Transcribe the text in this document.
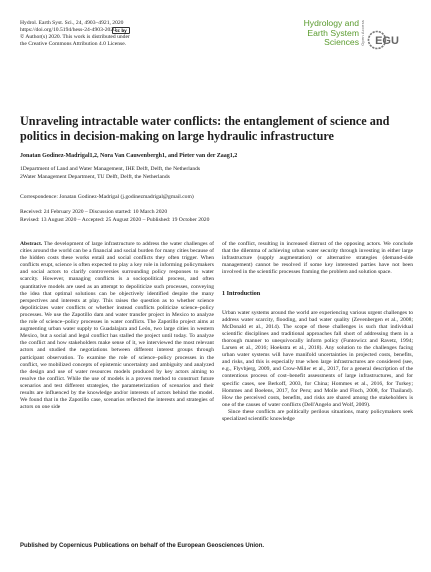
Hydrol. Earth Syst. Sci., 24, 4903–4921, 2020
https://doi.org/10.5194/hess-24-4903-2020
© Author(s) 2020. This work is distributed under
the Creative Commons Attribution 4.0 License.
cc by
Hydrology and
Earth System
Sciences Open Access EGU
Unraveling intractable water conflicts: the entanglement of science and politics in decision-making on large hydraulic infrastructure
Jonatan Godinez-Madrigal1,2, Nora Van Cauwenbergh1, and Pieter van der Zaag1,2
1Department of Land and Water Management, IHE Delft, Delft, the Netherlands
2Water Management Department, TU Delft, Delft, the Netherlands
Correspondence: Jonatan Godinez-Madrigal (j.godinezmadrigal@gmail.com)
Received: 24 February 2020 – Discussion started: 10 March 2020
Revised: 13 August 2020 – Accepted: 25 August 2020 – Published: 19 October 2020

Abstract. The development of large infrastructure to address the water challenges of cities around the world can be a financial and social burden for many cities because of the hidden costs these works entail and social conflicts they often trigger. When conflicts erupt, science is often expected to play a key role in informing policymakers and social actors to clarify controversies surrounding policy responses to water scarcity. However, managing conflicts is a sociopolitical process, and often quantitative models are used as an attempt to depoliticize such processes, conveying the idea that optimal solutions can be objectively identified despite the many perspectives and interests at play. This raises the question as to whether science depoliticizes water conflicts or whether instead conflicts politicize science–policy processes. We use the Zapotillo dam and water transfer project in Mexico to analyze the role of science–policy processes in water conflicts. The Zapotillo project aims at augmenting urban water supply to Guadalajara and León, two large cities in western Mexico, but a social and legal conflict has stalled the project until today. To analyze the conflict and how stakeholders make sense of it, we interviewed the most relevant actors and studied the negotiations between different interest groups through participant observation. To examine the role of science–policy processes in the conflict, we mobilized concepts of epistemic uncertainty and ambiguity and analyzed the design and use of water resources models produced by key actors aiming to resolve the conflict. While the use of models is a proven method to construct future scenarios and test different strategies, the parameterization of scenarios and their results are influenced by the knowledge and/or interests of actors behind the model. We found that in the Zapotillo case, scenarios reflected the interests and strategies of actors on one side

of the conflict, resulting in increased distrust of the opposing actors. We conclude that the dilemma of achieving urban water security through investing in either large infrastructure (supply augmentation) or alternative strategies (demand-side management) cannot be resolved if some key interested parties have not been involved in the scientific processes framing the problem and solution space.

1 Introduction

Urban water systems around the world are experiencing various urgent challenges to address water scarcity, flooding, and bad water quality (Zevenbergen et al., 2008; McDonald et al., 2014). The scope of these challenges is such that individual scientific disciplines and traditional approaches fall short of addressing them in a thorough manner to unequivocally inform policy (Funtowicz and Ravetz, 1994; Larsen et al., 2016; Hoekstra et al., 2018). Any solution to the challenges facing urban water systems will have manifold uncertainties in projected costs, benefits, and risks, and this is especially true when large infrastructures are considered (see, e.g., Flyvbjerg, 2009, and Crow-Miller et al., 2017, for a general description of the contentious process of cost–benefit assessments of large infrastructures, and for specific cases, see Berkoff, 2003, for China; Hommes et al., 2016, for Turkey; Hommes and Boelens, 2017, for Peru; and Molle and Floch, 2008, for Thailand). How the perceived costs, benefits, and risks are shared among the stakeholders is one of the causes of water conflicts (Dell'Angelo and Wolf, 2009).

Since these conflicts are politically perilous situations, many policymakers seek specialized scientific knowledge

Published by Copernicus Publications on behalf of the European Geosciences Union.
